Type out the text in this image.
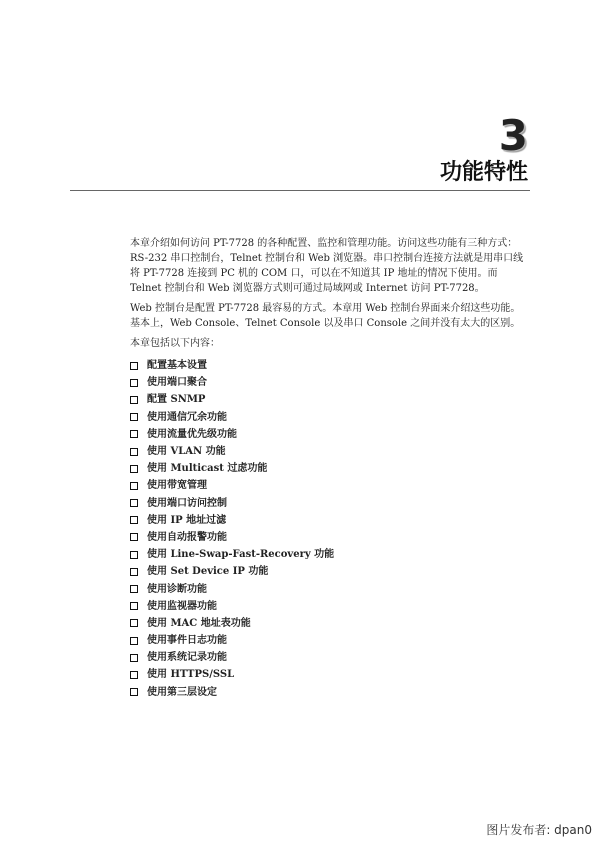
3
功能特性

本章介绍如何访问 PT-7728 的各种配置、监控和管理功能。访问这些功能有三种方式：RS-232 串口控制台，Telnet 控制台和 Web 浏览器。串口控制台连接方法就是用串口线将 PT-7728 连接到 PC 机的 COM 口，可以在不知道其 IP 地址的情况下使用。而 Telnet 控制台和 Web 浏览器方式则可通过局域网或 Internet 访问 PT-7728。

Web 控制台是配置 PT-7728 最容易的方式。本章用 Web 控制台界面来介绍这些功能。基本上，Web Console、Telnet Console 以及串口 Console 之间并没有太大的区别。

本章包括以下内容：

配置基本设置
使用端口聚合
配置 SNMP
使用通信冗余功能
使用流量优先级功能
使用 VLAN 功能
使用 Multicast 过虑功能
使用带宽管理
使用端口访问控制
使用 IP 地址过滤
使用自动报警功能
使用 Line-Swap-Fast-Recovery 功能
使用 Set Device IP 功能
使用诊断功能
使用监视器功能
使用 MAC 地址表功能
使用事件日志功能
使用系统记录功能
使用 HTTPS/SSL
使用第三层设定
图片发布者: dpan0
